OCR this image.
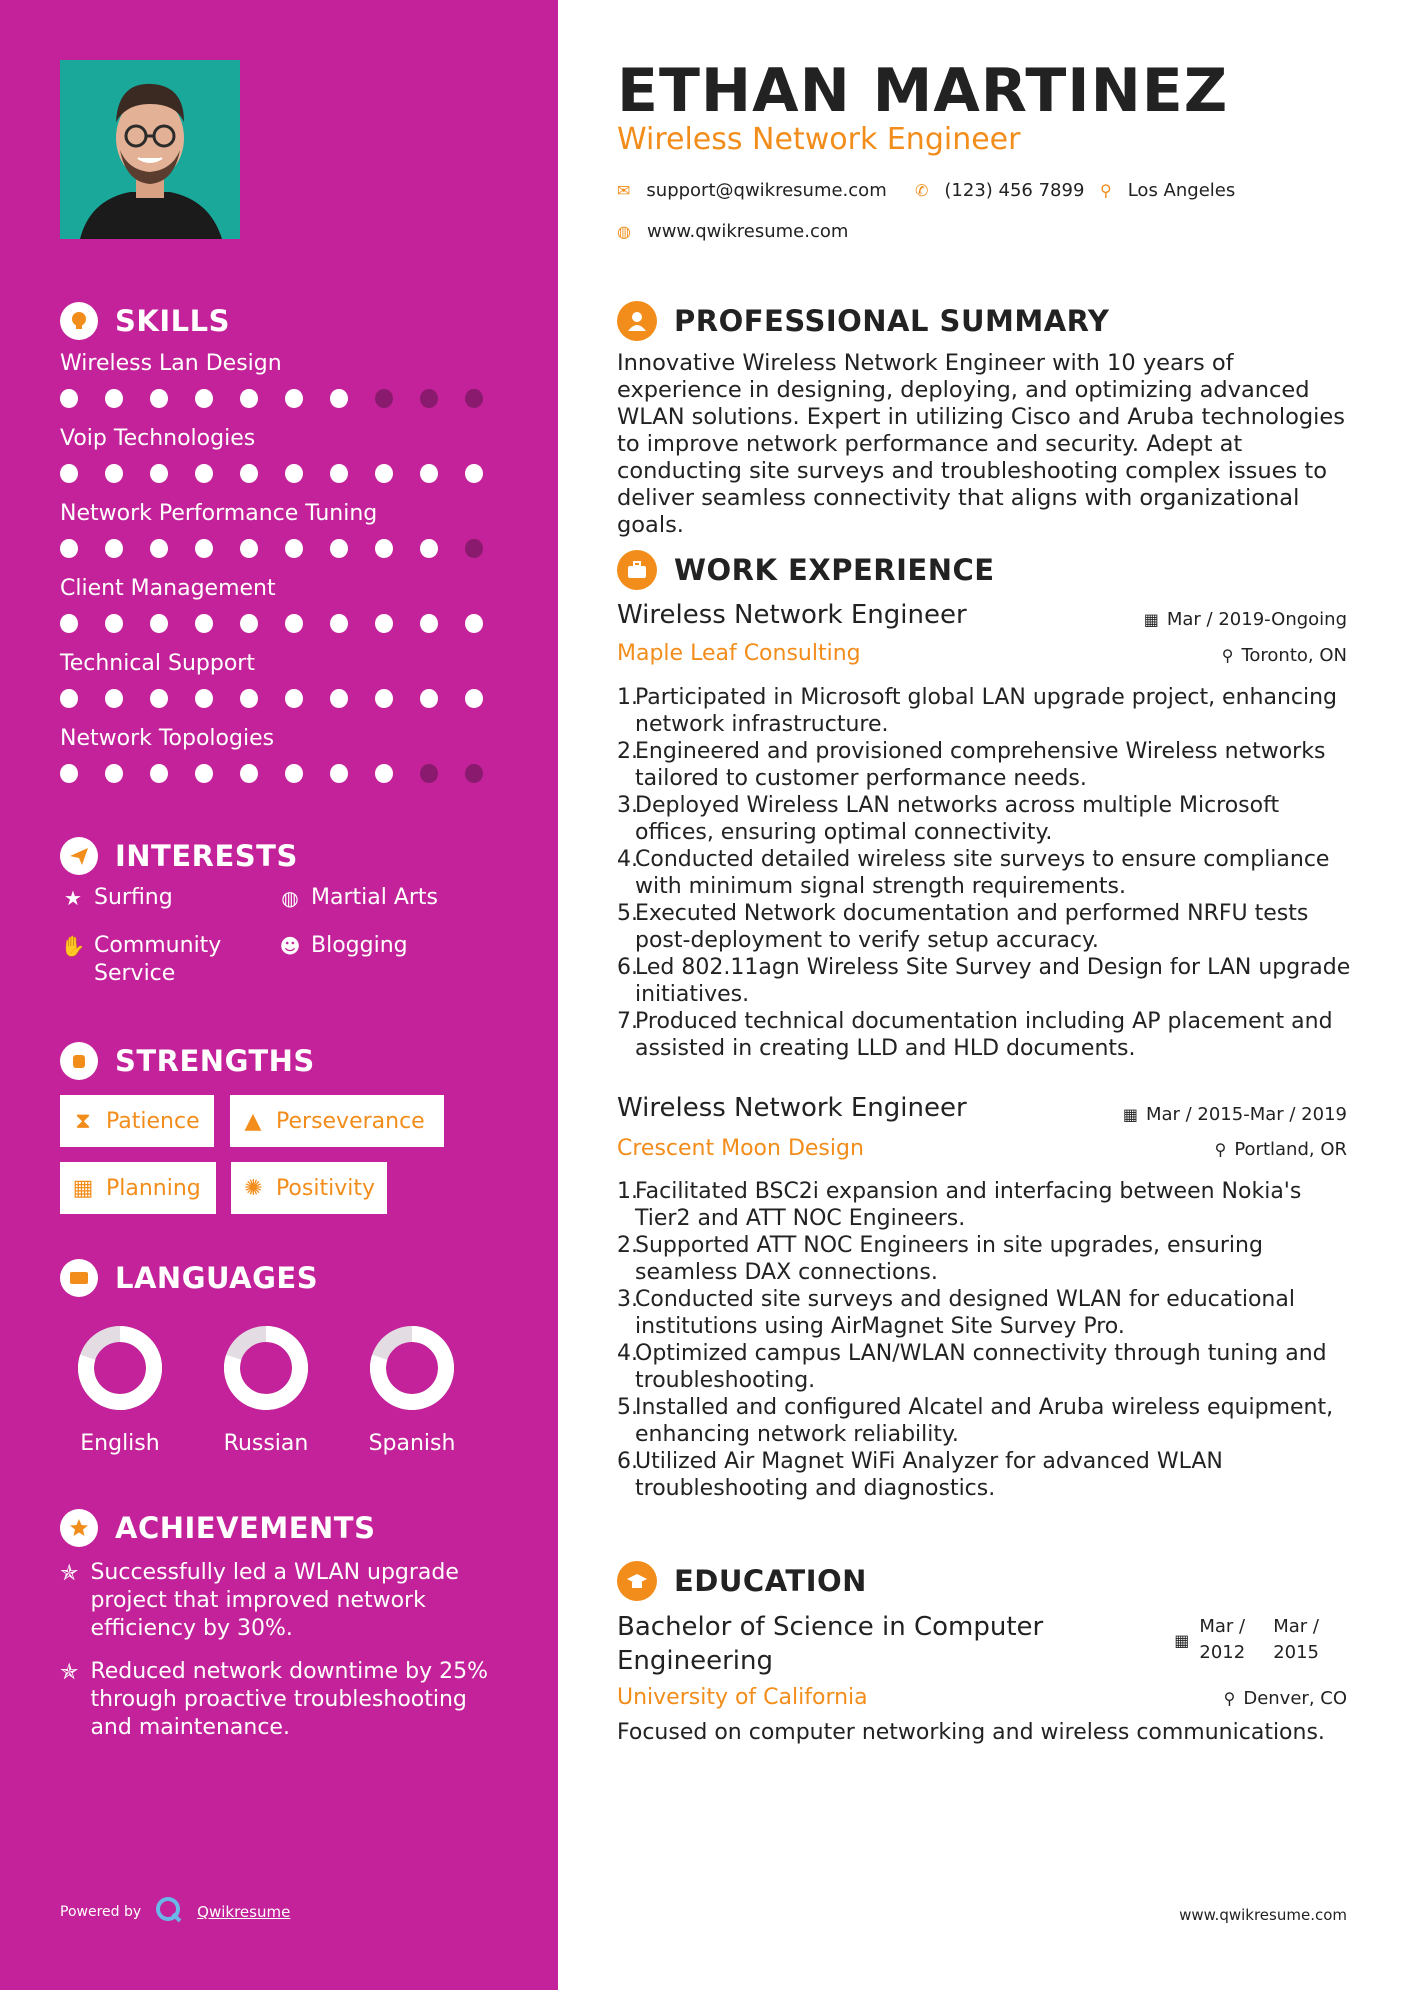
SKILLS
Wireless Lan Design
Voip Technologies
Network Performance Tuning
Client Management
Technical Support
Network Topologies
INTERESTS
★ Surfing	◍ Martial Arts
✋ Community Service
☻ Blogging
STRENGTHS
⧗ Patience ▲ Perseverance
▦ Planning ✺ Positivity
LANGUAGES
English	Russian	Spanish
ACHIEVEMENTS
✯ Successfully led a WLAN upgrade project that improved network efficiency by 30%.
✯ Reduced network downtime by 25% through proactive troubleshooting and maintenance.
Powered by	Qwikresume
ETHAN MARTINEZ
Wireless Network Engineer
✉ support@qwikresume.com ✆ (123) 456 7899 ⚲ Los Angeles
◍ www.qwikresume.com
PROFESSIONAL SUMMARY
Innovative Wireless Network Engineer with 10 years of experience in designing, deploying, and optimizing advanced WLAN solutions. Expert in utilizing Cisco and Aruba technologies to improve network performance and security. Adept at conducting site surveys and troubleshooting complex issues to deliver seamless connectivity that aligns with organizational goals.
WORK EXPERIENCE
Wireless Network Engineer	▦ Mar / 2019-Ongoing
Maple Leaf Consulting	⚲ Toronto, ON
1.
Participated in Microsoft global LAN upgrade project, enhancing network infrastructure.
2.
Engineered and provisioned comprehensive Wireless networks tailored to customer performance needs.
3.
Deployed Wireless LAN networks across multiple Microsoft offices, ensuring optimal connectivity.
4.
Conducted detailed wireless site surveys to ensure compliance with minimum signal strength requirements.
5.
Executed Network documentation and performed NRFU tests post-deployment to verify setup accuracy.
6.
Led 802.11agn Wireless Site Survey and Design for LAN upgrade initiatives.
7.
Produced technical documentation including AP placement and assisted in creating LLD and HLD documents.
Wireless Network Engineer	▦ Mar / 2015-Mar / 2019
Crescent Moon Design	⚲ Portland, OR
1.
Facilitated BSC2i expansion and interfacing between Nokia's Tier2 and ATT NOC Engineers.
2.
Supported ATT NOC Engineers in site upgrades, ensuring seamless DAX connections.
3.
Conducted site surveys and designed WLAN for educational institutions using AirMagnet Site Survey Pro.
4.
Optimized campus LAN/WLAN connectivity through tuning and troubleshooting.
5.
Installed and configured Alcatel and Aruba wireless equipment, enhancing network reliability.
6.
Utilized Air Magnet WiFi Analyzer for advanced WLAN troubleshooting and diagnostics.
EDUCATION
Bachelor of Science in Computer
Engineering
▦
Mar /
2012
Mar /
2015
University of California	⚲ Denver, CO
Focused on computer networking and wireless communications.
www.qwikresume.com
